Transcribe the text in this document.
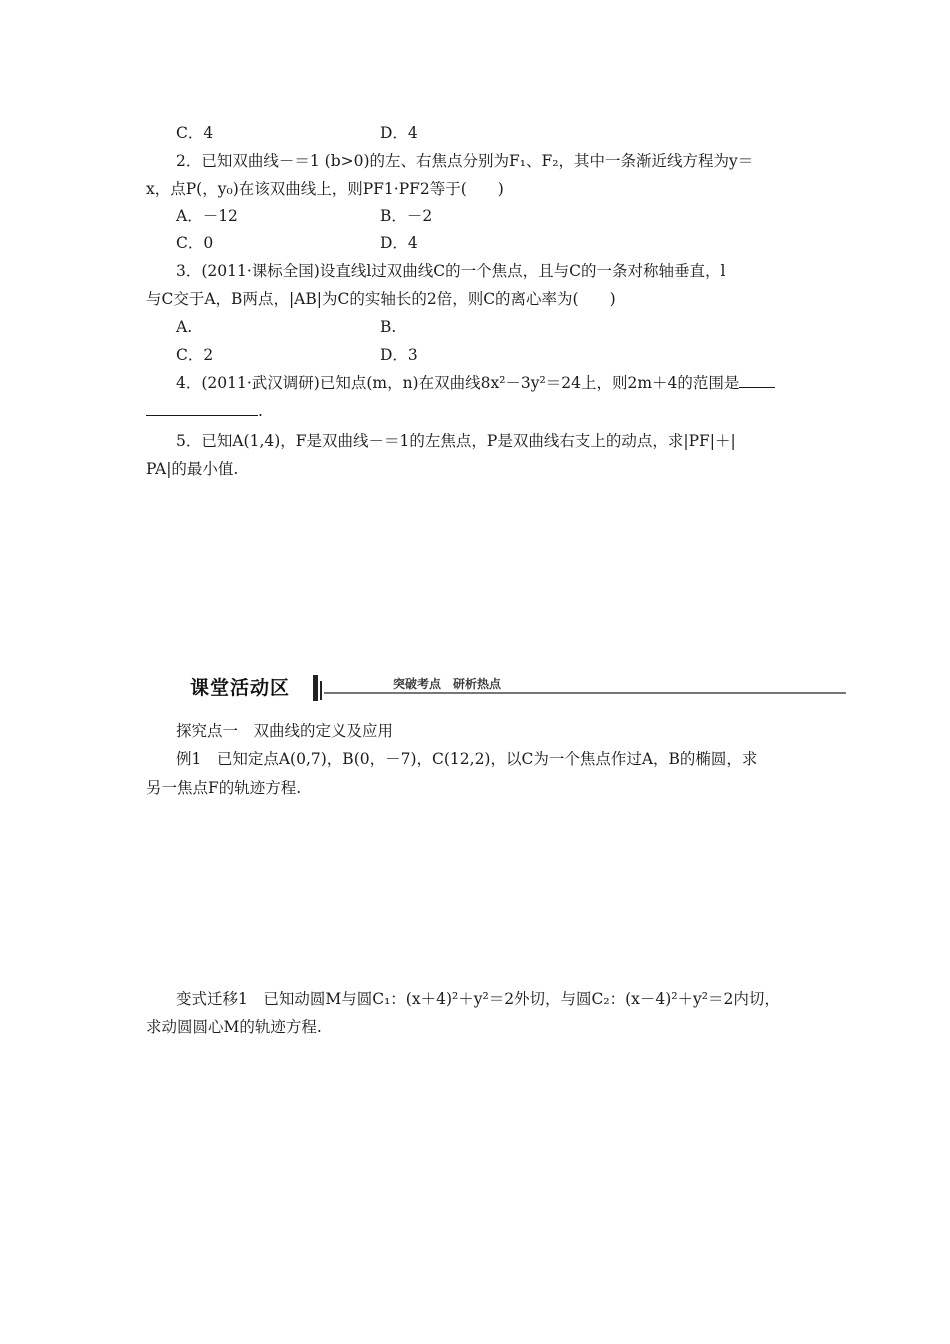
C．4	D．4
2．已知双曲线－＝1 (b>0)的左、右焦点分别为F₁、F₂，其中一条渐近线方程为y＝
x，点P(，y₀)在该双曲线上，则PF1·PF2等于(　　)
A．－12	B．－2
C．0	D．4
3．(2011·课标全国)设直线l过双曲线C的一个焦点，且与C的一条对称轴垂直，l
与C交于A，B两点，|AB|为C的实轴长的2倍，则C的离心率为(　　)
A.	B.
C．2	D．3
4．(2011·武汉调研)已知点(m，n)在双曲线8x²－3y²＝24上，则2m＋4的范围是
.
5．已知A(1,4)，F是双曲线－＝1的左焦点，P是双曲线右支上的动点，求|PF|＋|
PA|的最小值.
课堂活动区	突破考点　研析热点
探究点一　双曲线的定义及应用
例1　已知定点A(0,7)，B(0，－7)，C(12,2)，以C为一个焦点作过A，B的椭圆，求
另一焦点F的轨迹方程.
变式迁移1　已知动圆M与圆C₁：(x＋4)²＋y²＝2外切，与圆C₂：(x－4)²＋y²＝2内切，
求动圆圆心M的轨迹方程.
